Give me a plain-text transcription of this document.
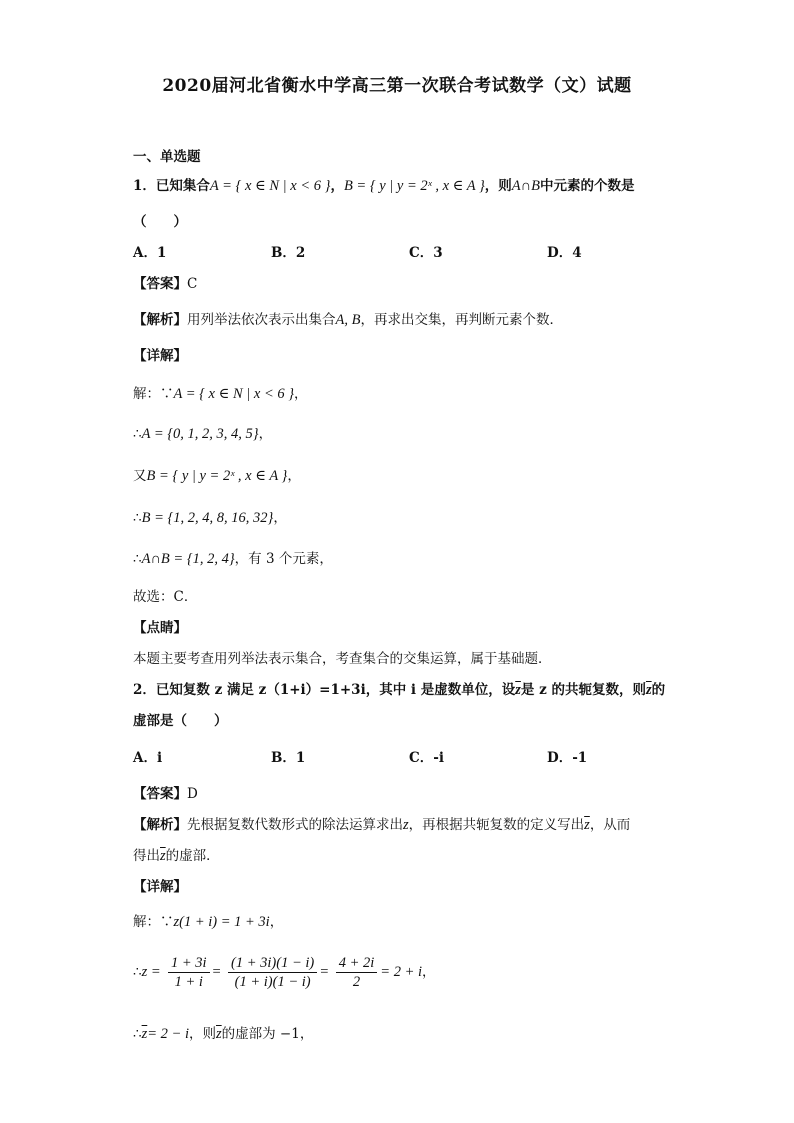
2020届河北省衡水中学高三第一次联合考试数学（文）试题
一、单选题
1．已知集合A = { x ∈ N | x < 6 }，B = { y | y = 2ˣ , x ∈ A }，则A∩B中元素的个数是
（　　）
A．1	B．2	C．3	D．4
【答案】C
【解析】用列举法依次表示出集合A, B，再求出交集，再判断元素个数．
【详解】
解：∵A = { x ∈ N | x < 6 }，
∴A = {0, 1, 2, 3, 4, 5}，
又B = { y | y = 2ˣ , x ∈ A }，
∴B = {1, 2, 4, 8, 16, 32}，
∴A∩B = {1, 2, 4}，有 3 个元素，
故选：C．
【点睛】
本题主要考查用列举法表示集合，考查集合的交集运算，属于基础题．
2．已知复数 z 满足 z（1+i）=1+3i，其中 i 是虚数单位，设$\overline{z}$是 z 的共轭复数，则$\overline{z}$的
虚部是（　　）
A．i	B．1	C．-i	D．-1
【答案】D
【解析】先根据复数代数形式的除法运算求出z，再根据共轭复数的定义写出$\overline{z}$，从而
得出$\overline{z}$的虚部．
【详解】
解：∵z(1 + i) = 1 + 3i，
∴z = $\frac{1 + 3i}{1 + i} = \frac{(1 + 3i)(1 - i)}{(1 + i)(1 - i)} = \frac{4 + 2i}{2} = 2 + i$，
$\therefore\overline{z}= 2 - i$，则$\overline{z}$的虚部为 −1，
